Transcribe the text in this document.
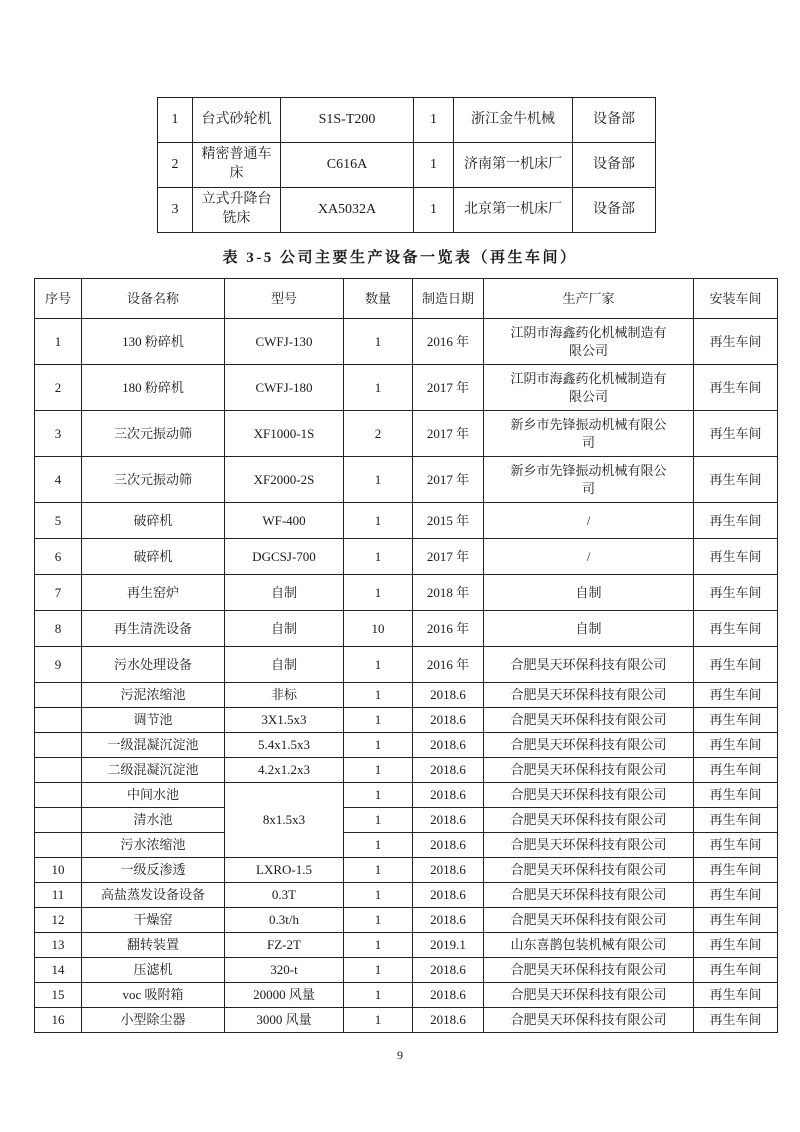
1	台式砂轮机	S1S-T200	1	浙江金牛机械	设备部
2	精密普通车床	C616A	1	济南第一机床厂	设备部
3	立式升降台铣床	XA5032A	1	北京第一机床厂	设备部
表 3-5 公司主要生产设备一览表（再生车间）
序号	设备名称	型号	数量	制造日期	生产厂家	安装车间
1	130 粉碎机	CWFJ-130	1	2016 年	江阴市海鑫药化机械制造有限公司	再生车间
2	180 粉碎机	CWFJ-180	1	2017 年	江阴市海鑫药化机械制造有限公司	再生车间
3	三次元振动筛	XF1000-1S	2	2017 年	新乡市先锋振动机械有限公司	再生车间
4	三次元振动筛	XF2000-2S	1	2017 年	新乡市先锋振动机械有限公司	再生车间
5	破碎机	WF-400	1	2015 年	/	再生车间
6	破碎机	DGCSJ-700	1	2017 年	/	再生车间
7	再生窑炉	自制	1	2018 年	自制	再生车间
8	再生清洗设备	自制	10	2016 年	自制	再生车间
9	污水处理设备	自制	1	2016 年	合肥昊天环保科技有限公司	再生车间
	污泥浓缩池	非标	1	2018.6	合肥昊天环保科技有限公司	再生车间
	调节池	3X1.5x3	1	2018.6	合肥昊天环保科技有限公司	再生车间
	一级混凝沉淀池	5.4x1.5x3	1	2018.6	合肥昊天环保科技有限公司	再生车间
	二级混凝沉淀池	4.2x1.2x3	1	2018.6	合肥昊天环保科技有限公司	再生车间
	中间水池	8x1.5x3	1	2018.6	合肥昊天环保科技有限公司	再生车间
	清水池		1	2018.6	合肥昊天环保科技有限公司	再生车间
	污水浓缩池		1	2018.6	合肥昊天环保科技有限公司	再生车间
10	一级反渗透	LXRO-1.5	1	2018.6	合肥昊天环保科技有限公司	再生车间
11	高盐蒸发设备设备	0.3T	1	2018.6	合肥昊天环保科技有限公司	再生车间
12	干燥窑	0.3t/h	1	2018.6	合肥昊天环保科技有限公司	再生车间
13	翻转装置	FZ-2T	1	2019.1	山东喜鹊包装机械有限公司	再生车间
14	压滤机	320-t	1	2018.6	合肥昊天环保科技有限公司	再生车间
15	voc 吸附箱	20000 风量	1	2018.6	合肥昊天环保科技有限公司	再生车间
16	小型除尘器	3000 风量	1	2018.6	合肥昊天环保科技有限公司	再生车间
9
